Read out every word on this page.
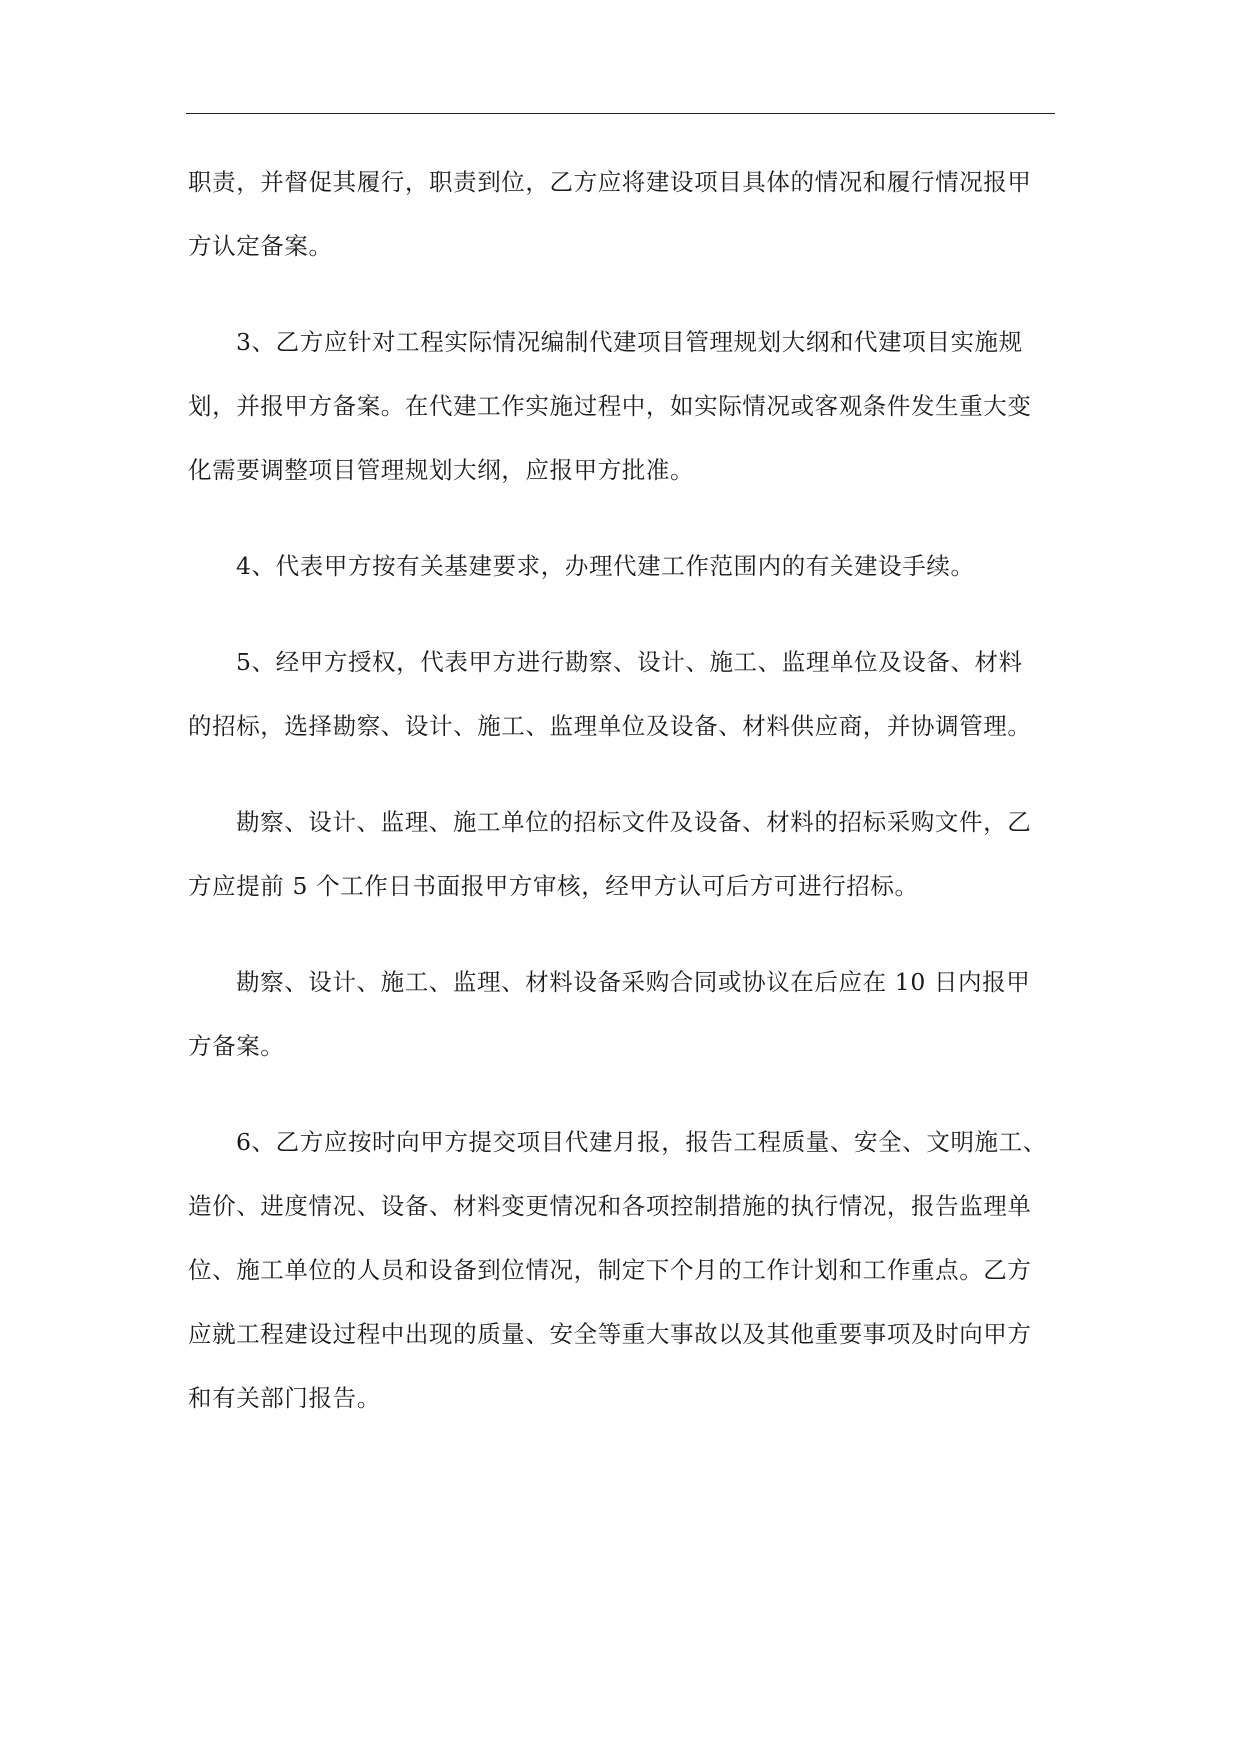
职责，并督促其履行，职责到位，乙方应将建设项目具体的情况和履行情况报甲
方认定备案。
3、乙方应针对工程实际情况编制代建项目管理规划大纲和代建项目实施规
划，并报甲方备案。在代建工作实施过程中，如实际情况或客观条件发生重大变
化需要调整项目管理规划大纲，应报甲方批准。
4、代表甲方按有关基建要求，办理代建工作范围内的有关建设手续。
5、经甲方授权，代表甲方进行勘察、设计、施工、监理单位及设备、材料
的招标，选择勘察、设计、施工、监理单位及设备、材料供应商，并协调管理。
勘察、设计、监理、施工单位的招标文件及设备、材料的招标采购文件，乙
方应提前 5 个工作日书面报甲方审核，经甲方认可后方可进行招标。
勘察、设计、施工、监理、材料设备采购合同或协议在后应在 10 日内报甲
方备案。
6、乙方应按时向甲方提交项目代建月报，报告工程质量、安全、文明施工、
造价、进度情况、设备、材料变更情况和各项控制措施的执行情况，报告监理单
位、施工单位的人员和设备到位情况，制定下个月的工作计划和工作重点。乙方
应就工程建设过程中出现的质量、安全等重大事故以及其他重要事项及时向甲方
和有关部门报告。
